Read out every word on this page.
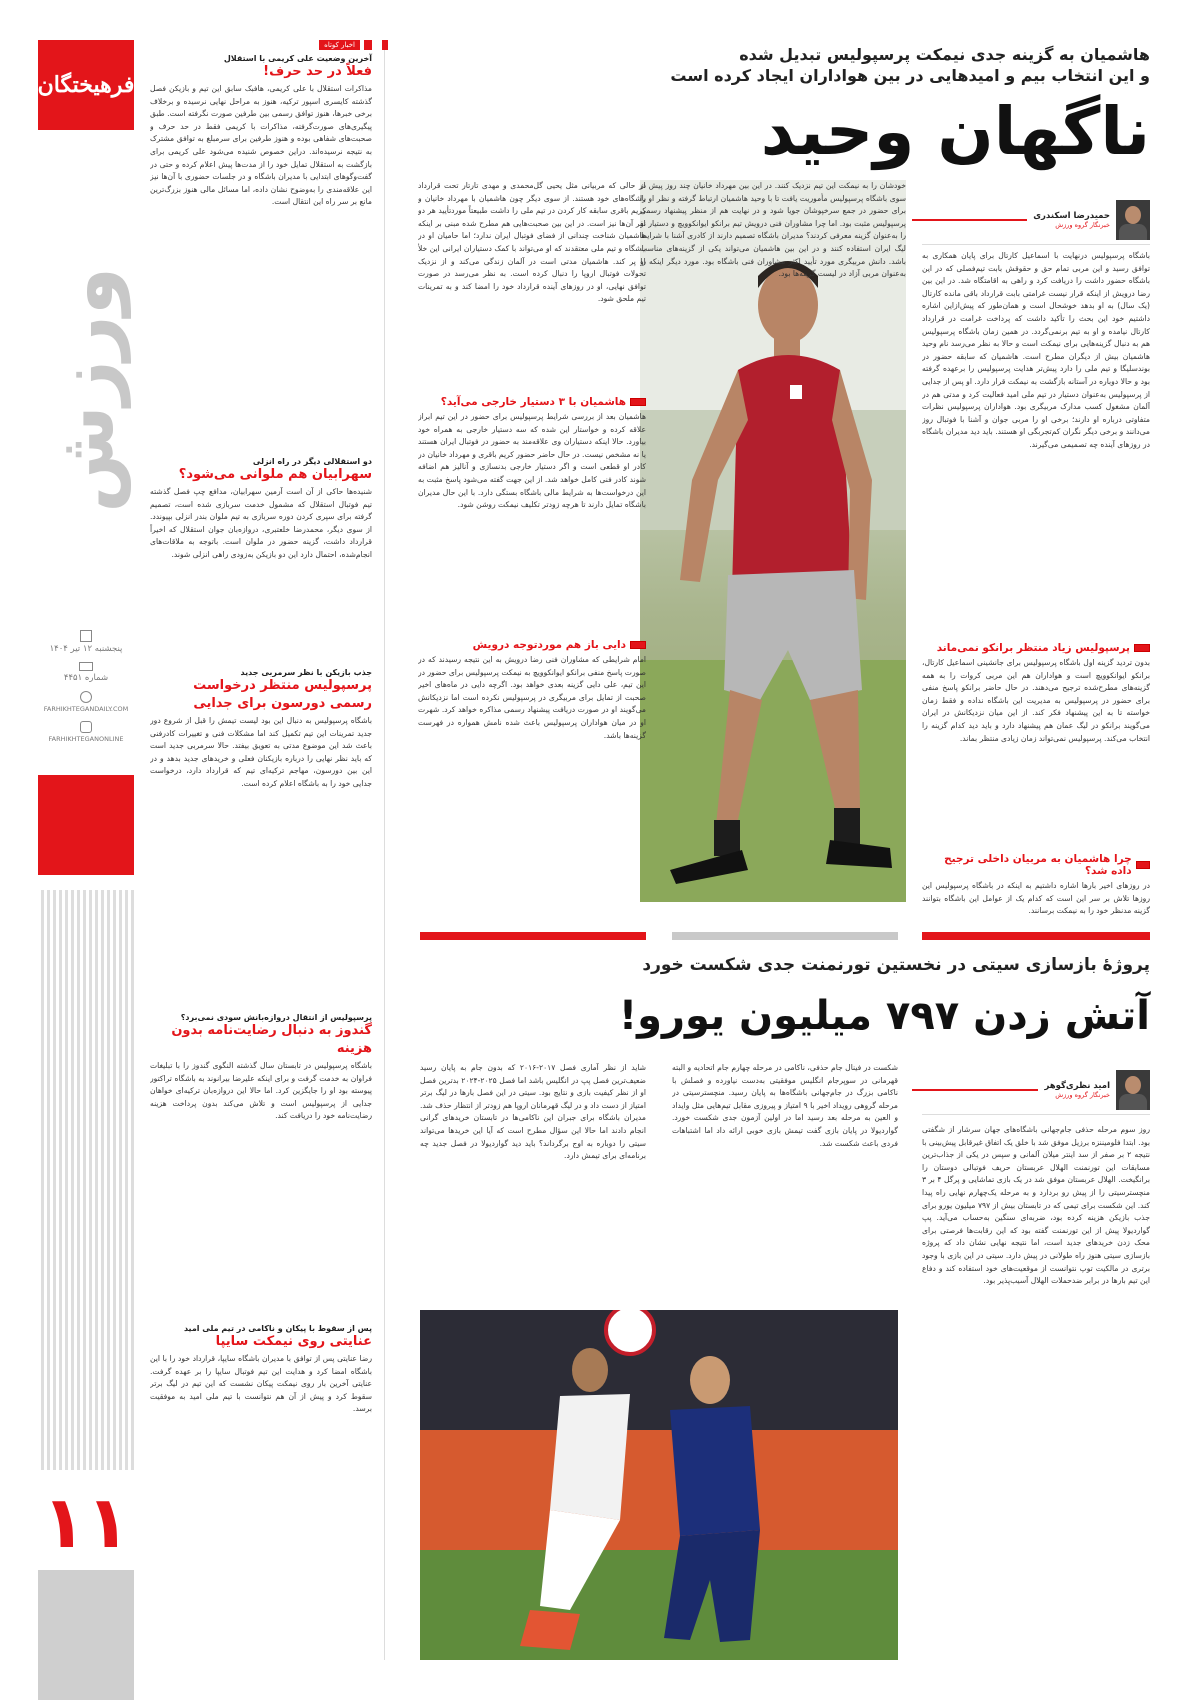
فرهیختگان
ورزش
پنجشنبه ۱۲ تیر ۱۴۰۴
شماره ۴۴۵۱
FARHIKHTEGANDAILY.COM
FARHIKHTEGANONLINE
۱۱
اخبار کوتاه
آخرین وضعیت علی کریمی با استقلال
فعلاً در حد حرف!
مذاکرات استقلال با علی کریمی، هافبک سابق این تیم و بازیکن فصل گذشته کایسری اسپور ترکیه، هنوز به مراحل نهایی نرسیده و برخلاف برخی خبرها، هنوز توافق رسمی بین طرفین صورت نگرفته است. طبق پیگیری‌های صورت‌گرفته، مذاکرات با کریمی فقط در حد حرف و صحبت‌های شفاهی بوده و هنوز طرفین برای سرمبلغ به توافق مشترک به نتیجه نرسیده‌اند. دراین خصوص شنیده می‌شود علی کریمی برای بازگشت به استقلال تمایل خود را از مدت‌ها پیش اعلام کرده و حتی در گفت‌وگوهای ابتدایی با مدیران باشگاه و در جلسات حضوری با آن‌ها نیز این علاقه‌مندی را به‌وضوح نشان داده، اما مسائل مالی هنوز بزرگ‌ترین مانع بر سر راه این انتقال است.
دو استقلالی دیگر در راه انزلی
سهرابیان هم ملوانی می‌شود؟
شنیده‌ها حاکی از آن است آرمین سهرابیان، مدافع چپ فصل گذشته تیم فوتبال استقلال که مشمول خدمت سربازی شده است، تصمیم گرفته برای سپری کردن دوره سربازی به تیم ملوان بندر انزلی بپیوندد. از سوی دیگر، محمدرضا خلعتبری، دروازه‌بان جوان استقلال که اخیراً قرارداد داشت، گزینه حضور در ملوان است. باتوجه به ملاقات‌های انجام‌شده، احتمال دارد این دو بازیکن به‌زودی راهی انزلی شوند.
جذب بازیکن با نظر سرمربی جدید
پرسپولیس منتظر درخواست رسمی دورسون برای جدایی
باشگاه پرسپولیس به دنبال این بود لیست تیمش را قبل از شروع دور جدید تمرینات این تیم تکمیل کند اما مشکلات فنی و تغییرات کادرفنی باعث شد این موضوع مدتی به تعویق بیفتد. حالا سرمربی جدید است که باید نظر نهایی را درباره بازیکنان فعلی و خریدهای جدید بدهد و در این بین دورسون، مهاجم ترکیه‌ای تیم که قرارداد دارد، درخواست جدایی خود را به باشگاه اعلام کرده است.
پرسپولیس از انتقال دروازه‌بانش سودی نمی‌برد؟
گندوز به دنبال رضایت‌نامه بدون هزینه
باشگاه پرسپولیس در تابستان سال گذشته النگوی گندوز را با تبلیغات فراوان به خدمت گرفت و برای اینکه علیرضا بیرانوند به باشگاه تراکتور پیوسته بود او را جایگزین کرد. اما حالا این دروازه‌بان ترکیه‌ای خواهان جدایی از پرسپولیس است و تلاش می‌کند بدون پرداخت هزینه رضایت‌نامه خود را دریافت کند.
پس از سقوط با پیکان و ناکامی در تیم ملی امید
عنایتی روی نیمکت سایپا
رضا عنایتی پس از توافق با مدیران باشگاه سایپا، قرارداد خود را با این باشگاه امضا کرد و هدایت این تیم فوتبال سایپا را بر عهده گرفت. عنایتی آخرین بار روی نیمکت پیکان نشست که این تیم در لیگ برتر سقوط کرد و پیش از آن هم نتوانست با تیم ملی امید به موفقیت برسد.
هاشمیان به گزینه جدی نیمکت پرسپولیس تبدیل شده
و این انتخاب بیم و امیدهایی در بین هواداران ایجاد کرده است
ناگهان وحید
حمیدرضا اسکندری
خبرنگار گروه ورزش
باشگاه پرسپولیس درنهایت با اسماعیل کارتال برای پایان همکاری به توافق رسید و این مربی تمام حق و حقوقش بابت تیم‌فصلی که در این باشگاه حضور داشت را دریافت کرد و راهی به اقامتگاه شد. در این بین رضا درویش از اینکه قرار نیست غرامتی بابت قرارداد باقی مانده کارتال (یک سال) به او بدهد خوشحال است و همان‌طور که پیش‌ازاین اشاره داشتیم خود این بحث را تأکید داشت که پرداخت غرامت در قرارداد کارتال نیامده و او به تیم برنمی‌گردد. در همین زمان باشگاه پرسپولیس هم به دنبال گزینه‌هایی برای نیمکت است و حالا به نظر می‌رسد نام وحید هاشمیان بیش از دیگران مطرح است. هاشمیان که سابقه حضور در بوندسلیگا و تیم ملی را دارد پیش‌تر هدایت پرسپولیس را برعهده گرفته بود و حالا دوباره در آستانه بازگشت به نیمکت قرار دارد. او پس از جدایی از پرسپولیس به‌عنوان دستیار در تیم ملی امید فعالیت کرد و مدتی هم در آلمان مشغول کسب مدارک مربیگری بود. هواداران پرسپولیس نظرات متفاوتی درباره او دارند؛ برخی او را مربی جوان و آشنا با فوتبال روز می‌دانند و برخی دیگر نگران کم‌تجربگی او هستند. باید دید مدیران باشگاه در روزهای آینده چه تصمیمی می‌گیرند.
پرسپولیس زیاد منتظر برانکو نمی‌ماند
بدون تردید گزینه اول باشگاه پرسپولیس برای جانشینی اسماعیل کارتال، برانکو ایوانکوویچ است و هواداران هم این مربی کروات را به همه گزینه‌های مطرح‌شده ترجیح می‌دهند. در حال حاضر برانکو پاسخ منفی برای حضور در پرسپولیس به مدیریت این باشگاه نداده و فقط زمان خواسته تا به این پیشنهاد فکر کند. از این میان نزدیکانش در ایران می‌گویند برانکو در لیگ عمان هم پیشنهاد دارد و باید دید کدام گزینه را انتخاب می‌کند. پرسپولیس نمی‌تواند زمان زیادی منتظر بماند.
چرا هاشمیان به مربیان داخلی ترجیح داده شد؟
در روزهای اخیر بارها اشاره داشتیم به اینکه در باشگاه پرسپولیس این روزها تلاش بر سر این است که کدام یک از عوامل این باشگاه بتوانند گزینه مدنظر خود را به نیمکت برسانند.
خودشان را به نیمکت این تیم نزدیک کنند. در این بین مهرداد خانیان چند روز پیش از سوی باشگاه پرسپولیس مأموریت یافت تا با وحید هاشمیان ارتباط گرفته و نظر او را برای حضور در جمع سرخپوشان جویا شود و در نهایت هم از منظر پیشنهاد رسمی پرسپولیس مثبت بود. اما چرا مشاوران فنی درویش تیم برانکو ایوانکوویچ و دستیار او را به‌عنوان گزینه معرفی کردند؟ مدیران باشگاه تصمیم دارند از کادری آشنا با شرایط لیگ ایران استفاده کنند و در این بین هاشمیان می‌تواند یکی از گزینه‌های مناسب باشد. دانش مربیگری مورد تأیید اکثر مشاوران فنی باشگاه بود. مورد دیگر اینکه او به‌عنوان مربی آزاد در لیست گزینه‌ها بود.
در حالی که مربیانی مثل یحیی گل‌محمدی و مهدی تارتار تحت قرارداد باشگاه‌های خود هستند. از سوی دیگر چون هاشمیان با مهرداد خانیان و کریم باقری سابقه کار کردن در تیم ملی را داشت طبیعتاً موردتأیید هر دو نفر آن‌ها نیز است. در این بین صحبت‌هایی هم مطرح شده مبنی بر اینکه هاشمیان شناخت چندانی از فضای فوتبال ایران ندارد؛ اما حامیان او در باشگاه و تیم ملی معتقدند که او می‌تواند با کمک دستیاران ایرانی این خلأ را پر کند. هاشمیان مدتی است در آلمان زندگی می‌کند و از نزدیک تحولات فوتبال اروپا را دنبال کرده است. به نظر می‌رسد در صورت توافق نهایی، او در روزهای آینده قرارداد خود را امضا کند و به تمرینات تیم ملحق شود.
هاشمیان با ۳ دستیار خارجی می‌آید؟
هاشمیان بعد از بررسی شرایط پرسپولیس برای حضور در این تیم ابراز علاقه کرده و خواستار این شده که سه دستیار خارجی به همراه خود بیاورد. حالا اینکه دستیاران وی علاقه‌مند به حضور در فوتبال ایران هستند یا نه مشخص نیست. در حال حاضر حضور کریم باقری و مهرداد خانیان در کادر او قطعی است و اگر دستیار خارجی بدنسازی و آنالیز هم اضافه شوند کادر فنی کامل خواهد شد. از این جهت گفته می‌شود پاسخ مثبت به این درخواست‌ها به شرایط مالی باشگاه بستگی دارد. با این حال مدیران باشگاه تمایل دارند تا هرچه زودتر تکلیف نیمکت روشن شود.
دایی باز هم موردتوجه درویش
امام شرایطی که مشاوران فنی رضا درویش به این نتیجه رسیدند که در صورت پاسخ منفی برانکو ایوانکوویچ به نیمکت پرسپولیس برای حضور در این تیم، علی دایی گزینه بعدی خواهد بود. اگرچه دایی در ماه‌های اخیر صحبت از تمایل برای مربیگری در پرسپولیس نکرده است اما نزدیکانش می‌گویند او در صورت دریافت پیشنهاد رسمی مذاکره خواهد کرد. شهرت او در میان هواداران پرسپولیس باعث شده نامش همواره در فهرست گزینه‌ها باشد.
پروژۀ بازسازی سیتی در نخستین تورنمنت جدی شکست خورد
آتش زدن ۷۹۷ میلیون یورو!
امید نظری‌گوهر
خبرنگار گروه ورزش
روز سوم مرحله حذفی جام‌جهانی باشگاه‌های جهان سرشار از شگفتی بود. ابتدا فلومیننزه برزیل موفق شد با خلق یک اتفاق غیرقابل پیش‌بینی با نتیجه ۲ بر صفر از سد اینتر میلان آلمانی و سپس در یکی از جذاب‌ترین مسابقات این تورنمنت الهلال عربستان حریف فوتبالی دوستان را برانگیخت. الهلال عربستان موفق شد در یک بازی تماشایی و پرگل ۴ بر ۳ منچسترسیتی را از پیش رو بردارد و به مرحله یک‌چهارم نهایی راه پیدا کند. این شکست برای تیمی که در تابستان بیش از ۷۹۷ میلیون یورو برای جذب بازیکن هزینه کرده بود، ضربه‌ای سنگین به‌حساب می‌آید. پپ گواردیولا پیش از این تورنمنت گفته بود که این رقابت‌ها فرصتی برای محک زدن خریدهای جدید است، اما نتیجه نهایی نشان داد که پروژه بازسازی سیتی هنوز راه طولانی در پیش دارد. سیتی در این بازی با وجود برتری در مالکیت توپ نتوانست از موقعیت‌های خود استفاده کند و دفاع این تیم بارها در برابر ضدحملات الهلال آسیب‌پذیر بود.
شکست در فینال جام حذفی، ناکامی در مرحله چهارم جام اتحادیه و البته قهرمانی در سوپرجام انگلیس موفقیتی به‌دست نیاورده و فصلش با ناکامی بزرگ در جام‌جهانی باشگاه‌ها به پایان رسید. منچسترسیتی در مرحله گروهی رویداد اخیر با ۹ امتیاز و پیروزی مقابل تیم‌هایی مثل وایداد و العین به مرحله بعد رسید اما در اولین آزمون جدی شکست خورد. گواردیولا در پایان بازی گفت تیمش بازی خوبی ارائه داد اما اشتباهات فردی باعث شکست شد.
شاید از نظر آماری فصل ۲۰۱۷-۲۰۱۶ که بدون جام به پایان رسید ضعیف‌ترین فصل پپ در انگلیس باشد اما فصل ۲۰۲۵-۲۰۲۴ بدترین فصل او از نظر کیفیت بازی و نتایج بود. سیتی در این فصل بارها در لیگ برتر امتیاز از دست داد و در لیگ قهرمانان اروپا هم زودتر از انتظار حذف شد. مدیران باشگاه برای جبران این ناکامی‌ها در تابستان خریدهای گرانی انجام دادند اما حالا این سؤال مطرح است که آیا این خریدها می‌تواند سیتی را دوباره به اوج برگرداند؟ باید دید گواردیولا در فصل جدید چه برنامه‌ای برای تیمش دارد.
